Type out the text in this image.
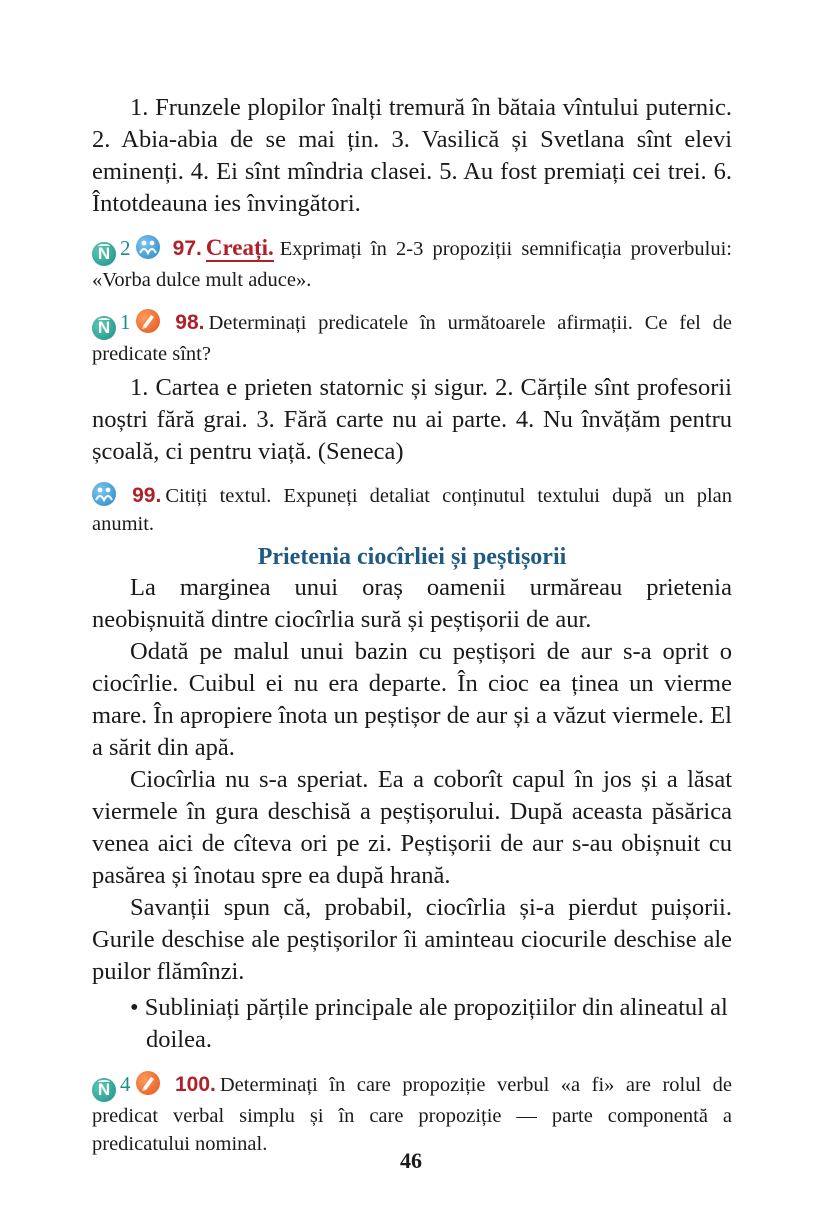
1. Frunzele plopilor înalți tremură în bătaia vîntului puternic. 2. Abia-abia de se mai țin. 3. Vasilică și Svetlana sînt elevi eminenți. 4. Ei sînt mîndria clasei. 5. Au fost premiați cei trei. 6. Întotdeauna ies învingători.

N 2 97. Creați. Exprimați în 2-3 propoziții semnificația proverbului: «Vorba dulce mult aduce».

N 1 98. Determinați predicatele în următoarele afirmații. Ce fel de predicate sînt?

1. Cartea e prieten statornic și sigur. 2. Cărțile sînt profesorii noștri fără grai. 3. Fără carte nu ai parte. 4. Nu învățăm pentru școală, ci pentru viață. (Seneca)

99. Citiți textul. Expuneți detaliat conținutul textului după un plan anumit.

Prietenia ciocîrliei și peștișorii

La marginea unui oraș oamenii urmăreau prietenia neobișnuită dintre ciocîrlia sură și peștișorii de aur.

Odată pe malul unui bazin cu peștișori de aur s-a oprit o ciocîrlie. Cuibul ei nu era departe. În cioc ea ținea un vierme mare. În apropiere înota un peștișor de aur și a văzut viermele. El a sărit din apă.

Ciocîrlia nu s-a speriat. Ea a coborît capul în jos și a lăsat viermele în gura deschisă a peștișorului. După aceasta păsărica venea aici de cîteva ori pe zi. Peștișorii de aur s-au obișnuit cu pasărea și înotau spre ea după hrană.

Savanții spun că, probabil, ciocîrlia și-a pierdut puișorii. Gurile deschise ale peștișorilor îi aminteau ciocurile deschise ale puilor flămînzi.

• Subliniați părțile principale ale propozițiilor din alineatul al doilea.

N 4 100. Determinați în care propoziție verbul «a fi» are rolul de predicat verbal simplu și în care propoziție — parte componentă a predicatului nominal.

46
